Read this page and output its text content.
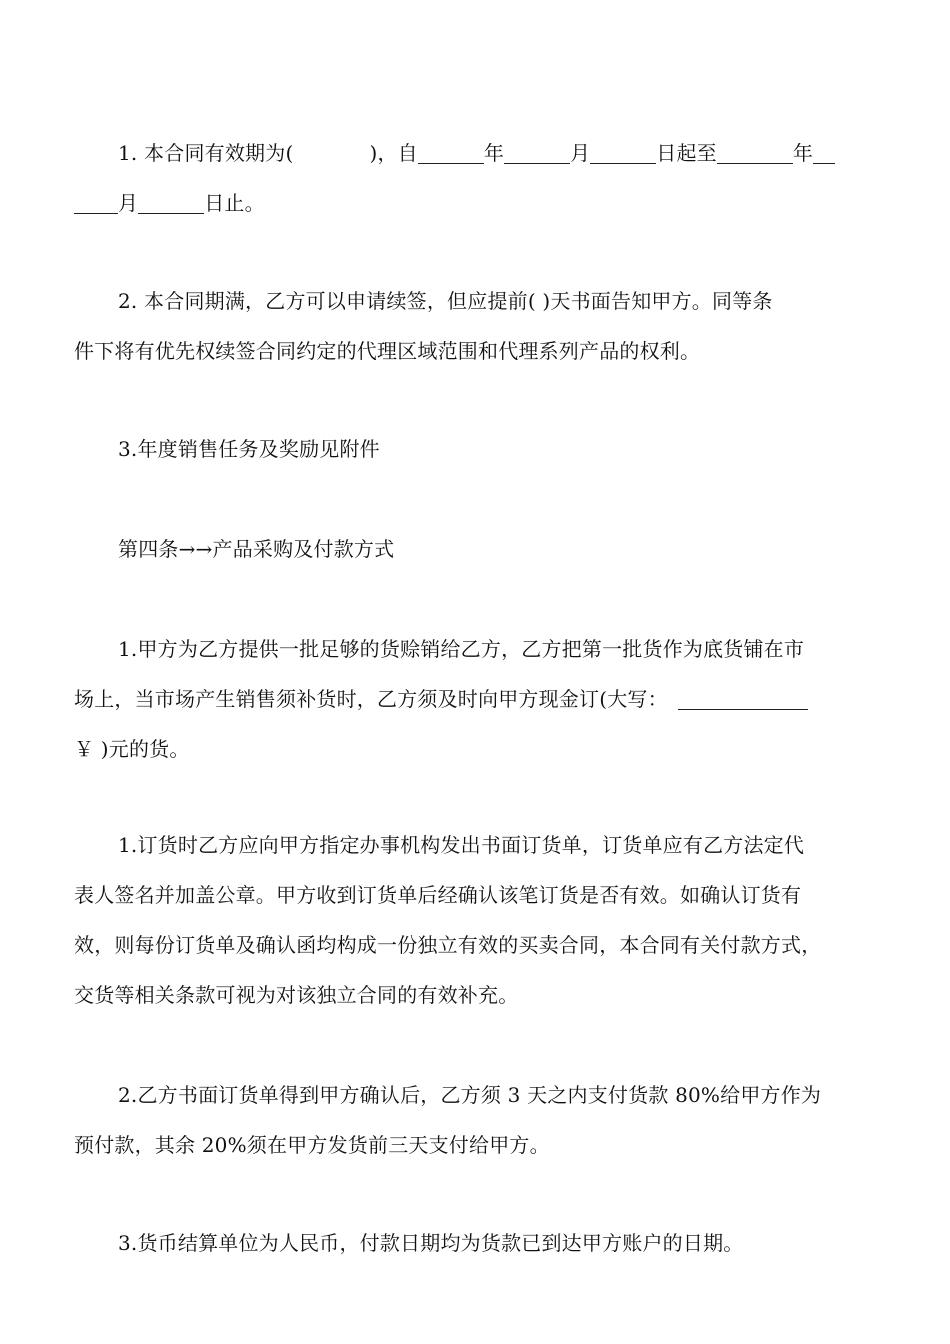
1. 本合同有效期为(	)，自	年	月	日起至	年
月	日止。
2. 本合同期满，乙方可以申请续签，但应提前( )天书面告知甲方。同等条
件下将有优先权续签合同约定的代理区域范围和代理系列产品的权利。
3.年度销售任务及奖励见附件
第四条→→产品采购及付款方式
1.甲方为乙方提供一批足够的货赊销给乙方，乙方把第一批货作为底货铺在市
场上，当市场产生销售须补货时，乙方须及时向甲方现金订(大写：
￥ )元的货。
1.订货时乙方应向甲方指定办事机构发出书面订货单，订货单应有乙方法定代
表人签名并加盖公章。甲方收到订货单后经确认该笔订货是否有效。如确认订货有
效，则每份订货单及确认函均构成一份独立有效的买卖合同，本合同有关付款方式，
交货等相关条款可视为对该独立合同的有效补充。
2.乙方书面订货单得到甲方确认后，乙方须 3 天之内支付货款 80%给甲方作为
预付款，其余 20%须在甲方发货前三天支付给甲方。
3.货币结算单位为人民币，付款日期均为货款已到达甲方账户的日期。
